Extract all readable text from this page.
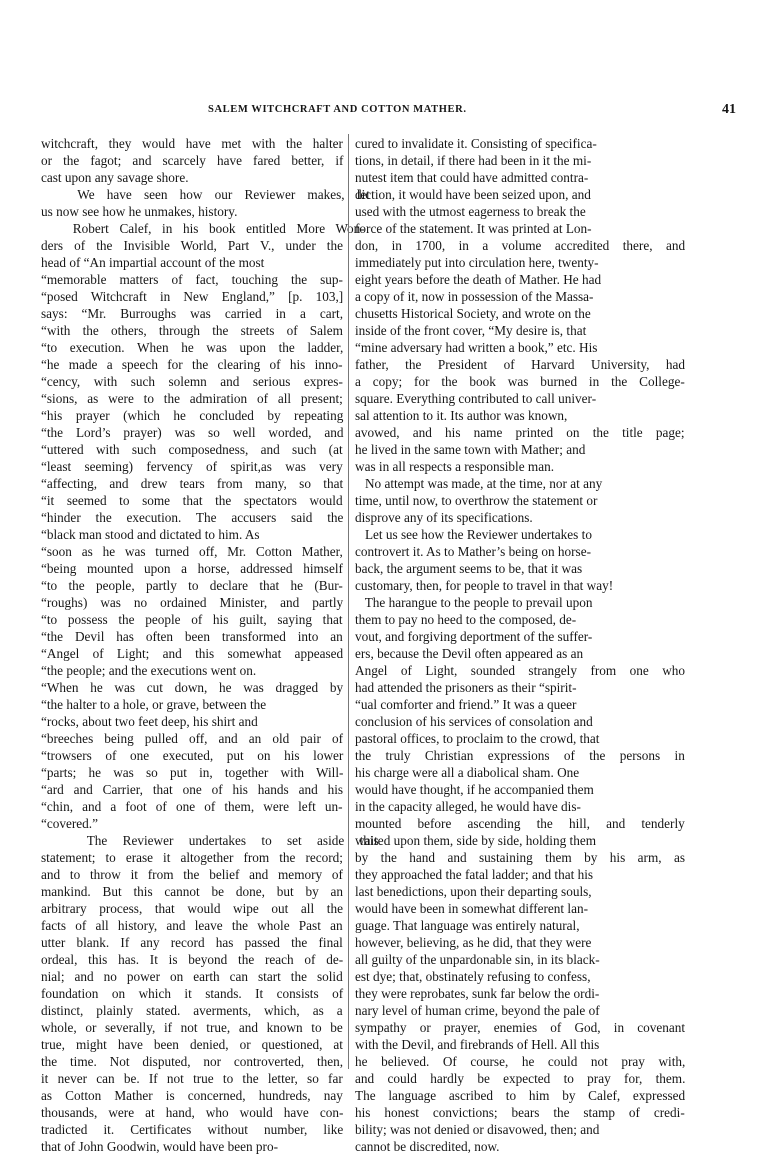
SALEM WITCHCRAFT AND COTTON MATHER.	41
witchcraft, they would have met with the halter
or the fagot; and scarcely have fared better, if
cast upon any savage shore.
We have seen how our Reviewer makes, let
us now see how he unmakes, history.
Robert Calef, in his book entitled More Won-
ders of the Invisible World, Part V., under the
head of “An impartial account of the most
“memorable matters of fact, touching the sup-
“posed Witchcraft in New England,” [p. 103,]
says: “Mr. Burroughs was carried in a cart,
“with the others, through the streets of Salem
“to execution. When he was upon the ladder,
“he made a speech for the clearing of his inno-
“cency, with such solemn and serious expres-
“sions, as were to the admiration of all present;
“his prayer (which he concluded by repeating
“the Lord’s prayer) was so well worded, and
“uttered with such composedness, and such (at
“least seeming) fervency of spirit,as was very
“affecting, and drew tears from many, so that
“it seemed to some that the spectators would
“hinder the execution. The accusers said the
“black man stood and dictated to him. As
“soon as he was turned off, Mr. Cotton Mather,
“being mounted upon a horse, addressed himself
“to the people, partly to declare that he (Bur-
“roughs) was no ordained Minister, and partly
“to possess the people of his guilt, saying that
“the Devil has often been transformed into an
“Angel of Light; and this somewhat appeased
“the people; and the executions went on.
“When he was cut down, he was dragged by
“the halter to a hole, or grave, between the
“rocks, about two feet deep, his shirt and
“breeches being pulled off, and an old pair of
“trowsers of one executed, put on his lower
“parts; he was so put in, together with Will-
“ard and Carrier, that one of his hands and his
“chin, and a foot of one of them, were left un-
“covered.”
The Reviewer undertakes to set aside this
statement; to erase it altogether from the record;
and to throw it from the belief and memory of
mankind. But this cannot be done, but by an
arbitrary process, that would wipe out all the
facts of all history, and leave the whole Past an
utter blank. If any record has passed the final
ordeal, this has. It is beyond the reach of de-
nial; and no power on earth can start the solid
foundation on which it stands. It consists of
distinct, plainly stated. averments, which, as a
whole, or severally, if not true, and known to be
true, might have been denied, or questioned, at
the time. Not disputed, nor controverted, then,
it never can be. If not true to the letter, so far
as Cotton Mather is concerned, hundreds, nay
thousands, were at hand, who would have con-
tradicted it. Certificates without number, like
that of John Goodwin, would have been pro-
cured to invalidate it. Consisting of specifica-
tions, in detail, if there had been in it the mi-
nutest item that could have admitted contra-
diction, it would have been seized upon, and
used with the utmost eagerness to break the
force of the statement. It was printed at Lon-
don, in 1700, in a volume accredited there, and
immediately put into circulation here, twenty-
eight years before the death of Mather. He had
a copy of it, now in possession of the Massa-
chusetts Historical Society, and wrote on the
inside of the front cover, “My desire is, that
“mine adversary had written a book,” etc. His
father, the President of Harvard University, had
a copy; for the book was burned in the College-
square. Everything contributed to call univer-
sal attention to it. Its author was known,
avowed, and his name printed on the title page;
he lived in the same town with Mather; and
was in all respects a responsible man.
No attempt was made, at the time, nor at any
time, until now, to overthrow the statement or
disprove any of its specifications.
Let us see how the Reviewer undertakes to
controvert it. As to Mather’s being on horse-
back, the argument seems to be, that it was
customary, then, for people to travel in that way!
The harangue to the people to prevail upon
them to pay no heed to the composed, de-
vout, and forgiving deportment of the suffer-
ers, because the Devil often appeared as an
Angel of Light, sounded strangely from one who
had attended the prisoners as their “spirit-
“ual comforter and friend.” It was a queer
conclusion of his services of consolation and
pastoral offices, to proclaim to the crowd, that
the truly Christian expressions of the persons in
his charge were all a diabolical sham. One
would have thought, if he accompanied them
in the capacity alleged, he would have dis-
mounted before ascending the hill, and tenderly
waited upon them, side by side, holding them
by the hand and sustaining them by his arm, as
they approached the fatal ladder; and that his
last benedictions, upon their departing souls,
would have been in somewhat different lan-
guage. That language was entirely natural,
however, believing, as he did, that they were
all guilty of the unpardonable sin, in its black-
est dye; that, obstinately refusing to confess,
they were reprobates, sunk far below the ordi-
nary level of human crime, beyond the pale of
sympathy or prayer, enemies of God, in covenant
with the Devil, and firebrands of Hell. All this
he believed. Of course, he could not pray with,
and could hardly be expected to pray for, them.
The language ascribed to him by Calef, expressed
his honest convictions; bears the stamp of credi-
bility; was not denied or disavowed, then; and
cannot be discredited, now.
